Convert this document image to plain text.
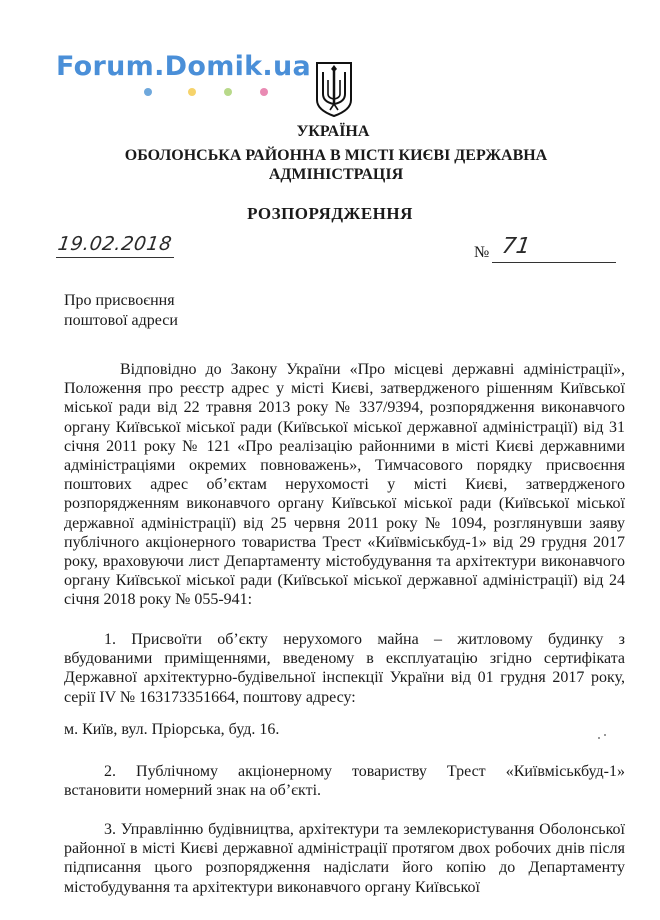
Forum.Domik.ua
УКРАЇНА
ОБОЛОНСЬКА РАЙОННА В МІСТІ КИЄВІ ДЕРЖАВНА
АДМІНІСТРАЦІЯ
РОЗПОРЯДЖЕННЯ
19.02.2018	№ 71
Про присвоєння
поштової адреси
Відповідно до Закону України «Про місцеві державні адміністрації», Положення про реєстр адрес у місті Києві, затвердженого рішенням Київської міської ради від 22 травня 2013 року № 337/9394, розпорядження виконавчого органу Київської міської ради (Київської міської державної адміністрації) від 31 січня 2011 року № 121 «Про реалізацію районними в місті Києві державними адміністраціями окремих повноважень», Тимчасового порядку присвоєння поштових адрес об’єктам нерухомості у місті Києві, затвердженого розпорядженням виконавчого органу Київської міської ради (Київської міської державної адміністрації) від 25 червня 2011 року № 1094, розглянувши заяву публічного акціонерного товариства Трест «Київміськбуд-1» від 29 грудня 2017 року, враховуючи лист Департаменту містобудування та архітектури виконавчого органу Київської міської ради (Київської міської державної адміністрації) від 24 січня 2018 року № 055-941:
1. Присвоїти об’єкту нерухомого майна – житловому будинку з вбудованими приміщеннями, введеному в експлуатацію згідно сертифіката Державної архітектурно-будівельної інспекції України від 01 грудня 2017 року, серії IV № 163173351664, поштову адресу:
м. Київ, вул. Пріорська, буд. 16.
2. Публічному акціонерному товариству Трест «Київміськбуд-1» встановити номерний знак на об’єкті.
3. Управлінню будівництва, архітектури та землекористування Оболонської районної в місті Києві державної адміністрації протягом двох робочих днів після підписання цього розпорядження надіслати його копію до Департаменту містобудування та архітектури виконавчого органу Київської
